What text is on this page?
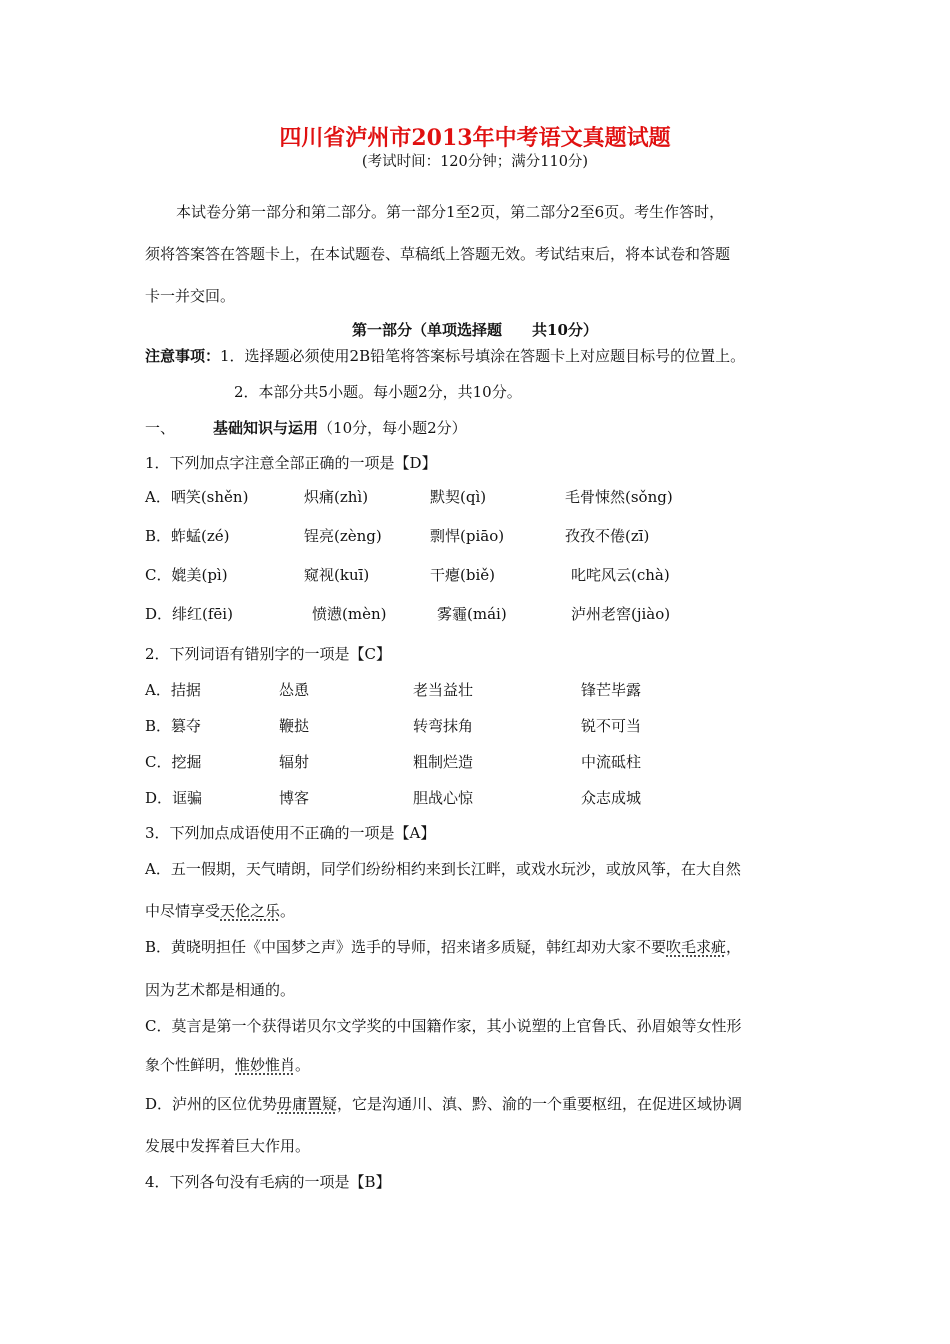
四川省泸州市2013年中考语文真题试题
(考试时间：120分钟；满分110分)
本试卷分第一部分和第二部分。第一部分1至2页，第二部分2至6页。考生作答时，
须将答案答在答题卡上，在本试题卷、草稿纸上答题无效。考试结束后，将本试卷和答题
卡一并交回。
第一部分（单项选择题　　共10分）
注意事项：1．选择题必须使用2B铅笔将答案标号填涂在答题卡上对应题目标号的位置上。
2．本部分共5小题。每小题2分，共10分。
一、	基础知识与运用（10分，每小题2分）
1．下列加点字注意全部正确的一项是【D】
A．哂笑(shěn)	炽痛(zhì)	默契(qì)	毛骨悚然(sǒng)
B．蚱蜢(zé)	锃亮(zèng)	剽悍(piāo)	孜孜不倦(zī)
C．媲美(pì)	窥视(kuī)	干瘪(biě)	叱咤风云(chà)
D．绯红(fēi)	愤懑(mèn)	雾霾(mái)	泸州老窖(jiào)
2．下列词语有错别字的一项是【C】
A．拮据	怂恿	老当益壮	锋芒毕露
B．篡夺	鞭挞	转弯抹角	锐不可当
C．挖掘	辐射	粗制烂造	中流砥柱
D．诓骗	博客	胆战心惊	众志成城
3．下列加点成语使用不正确的一项是【A】
A．五一假期，天气晴朗，同学们纷纷相约来到长江畔，或戏水玩沙，或放风筝，在大自然
中尽情享受天伦之乐。
B．黄晓明担任《中国梦之声》选手的导师，招来诸多质疑，韩红却劝大家不要吹毛求疵，
因为艺术都是相通的。
C．莫言是第一个获得诺贝尔文学奖的中国籍作家，其小说塑的上官鲁氏、孙眉娘等女性形
象个性鲜明，惟妙惟肖。
D．泸州的区位优势毋庸置疑，它是沟通川、滇、黔、渝的一个重要枢纽，在促进区域协调
发展中发挥着巨大作用。
4．下列各句没有毛病的一项是【B】
